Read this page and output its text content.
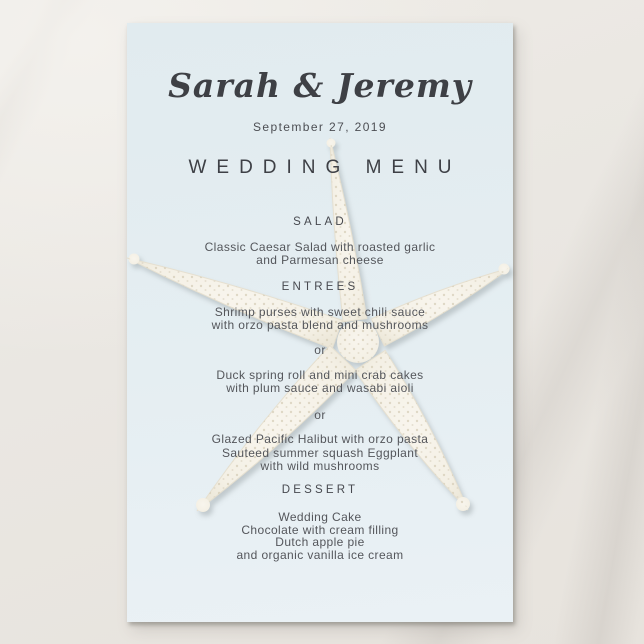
Sarah & Jeremy
September 27, 2019
WEDDING MENU
SALAD
Classic Caesar Salad with roasted garlic
and Parmesan cheese
ENTREES
Shrimp purses with sweet chili sauce
with orzo pasta blend and mushrooms
or
Duck spring roll and mini crab cakes
with plum sauce and wasabi aioli
or
Glazed Pacific Halibut with orzo pasta
Sauteed summer squash Eggplant
with wild mushrooms
DESSERT
Wedding Cake
Chocolate with cream filling
Dutch apple pie
and organic vanilla ice cream
